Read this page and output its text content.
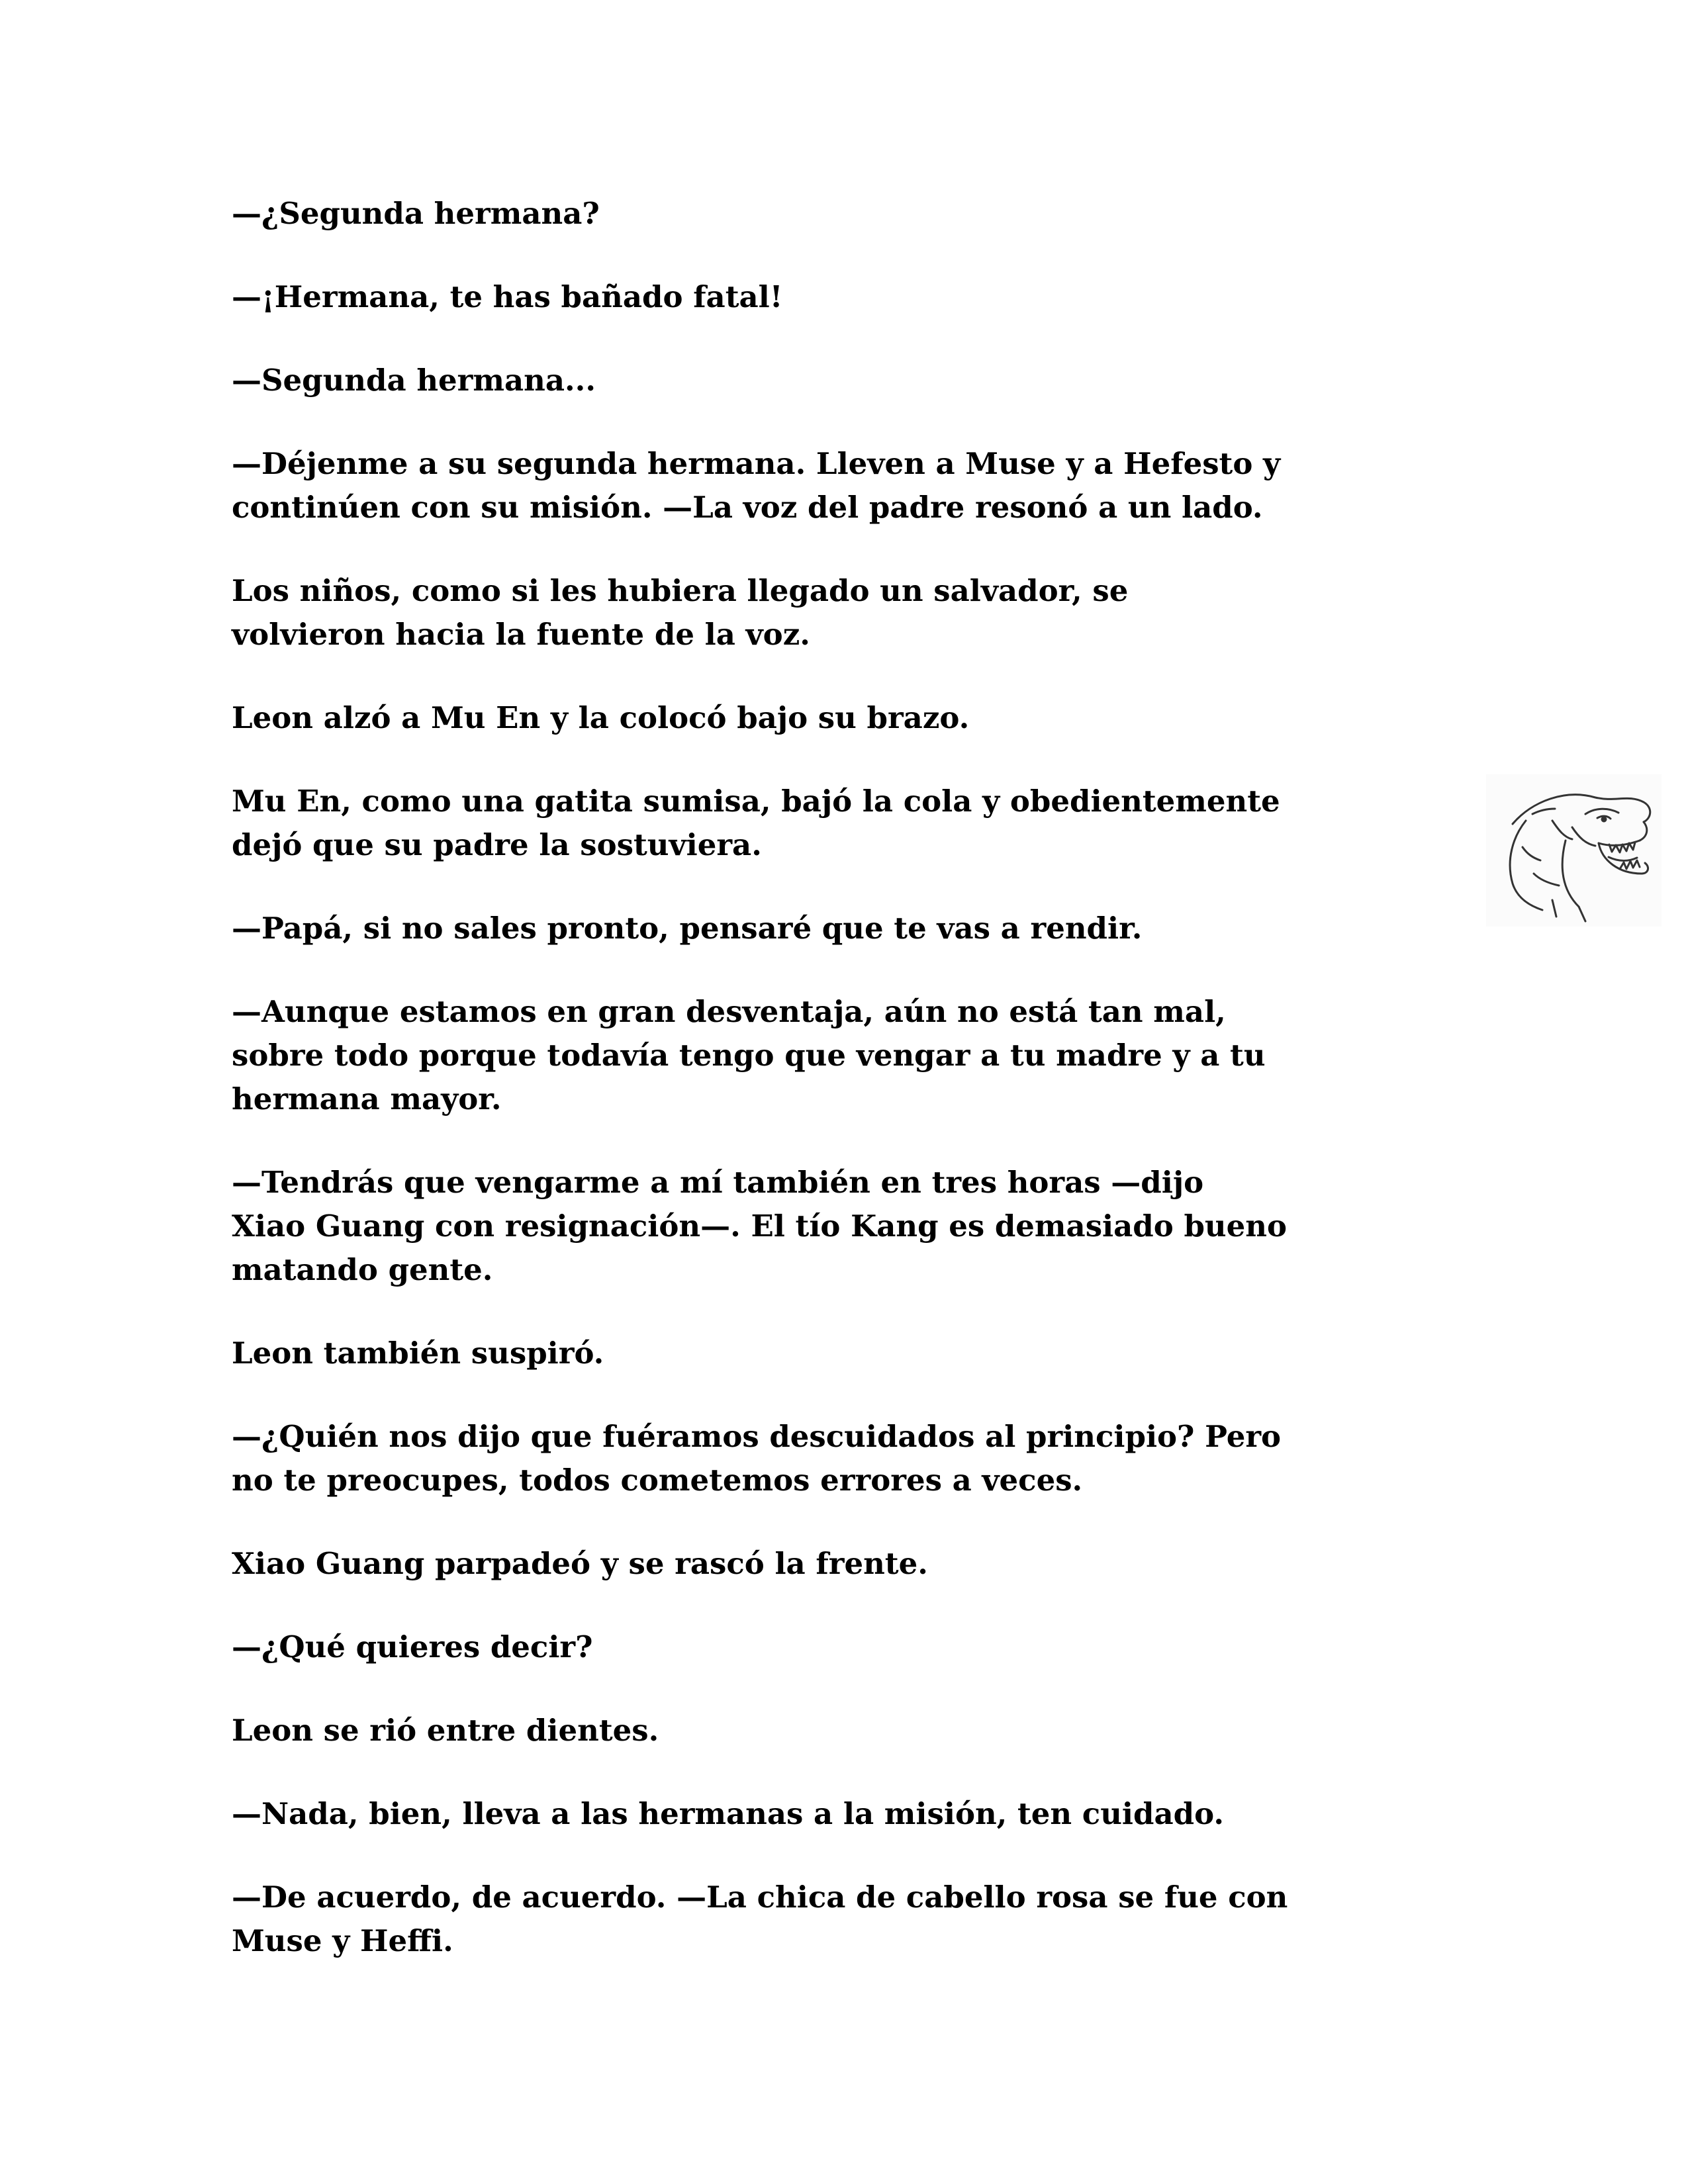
—¿Segunda hermana?

—¡Hermana, te has bañado fatal!

—Segunda hermana...

—Déjenme a su segunda hermana. Lleven a Muse y a Hefesto y
continúen con su misión. —La voz del padre resonó a un lado.

Los niños, como si les hubiera llegado un salvador, se
volvieron hacia la fuente de la voz.

Leon alzó a Mu En y la colocó bajo su brazo.

Mu En, como una gatita sumisa, bajó la cola y obedientemente
dejó que su padre la sostuviera.

—Papá, si no sales pronto, pensaré que te vas a rendir.

—Aunque estamos en gran desventaja, aún no está tan mal,
sobre todo porque todavía tengo que vengar a tu madre y a tu
hermana mayor.

—Tendrás que vengarme a mí también en tres horas —dijo
Xiao Guang con resignación—. El tío Kang es demasiado bueno
matando gente.

Leon también suspiró.

—¿Quién nos dijo que fuéramos descuidados al principio? Pero
no te preocupes, todos cometemos errores a veces.

Xiao Guang parpadeó y se rascó la frente.

—¿Qué quieres decir?

Leon se rió entre dientes.

—Nada, bien, lleva a las hermanas a la misión, ten cuidado.

—De acuerdo, de acuerdo. —La chica de cabello rosa se fue con
Muse y Heffi.
